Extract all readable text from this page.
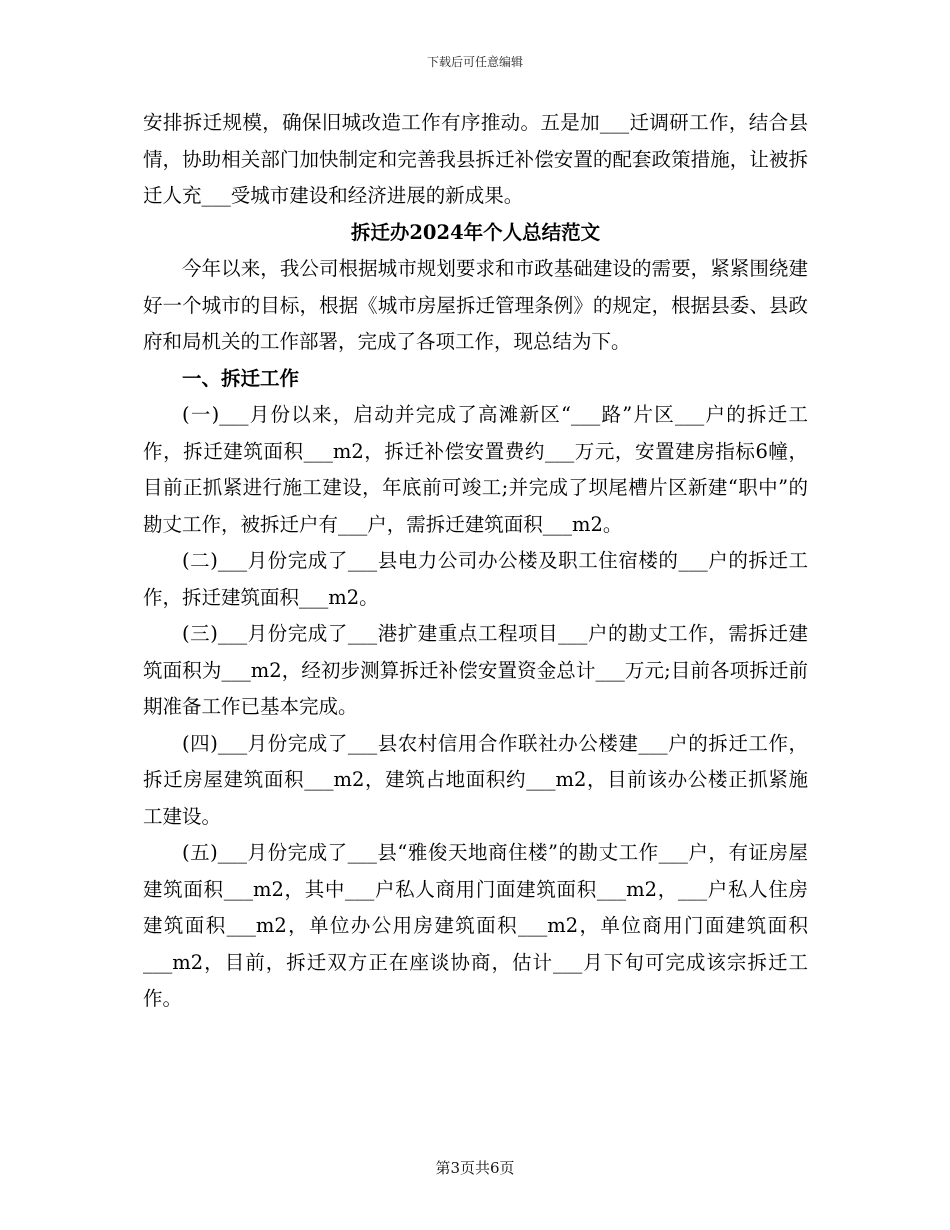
下载后可任意编辑

安排拆迁规模，确保旧城改造工作有序推动。五是加___迁调研工作，结合县情，协助相关部门加快制定和完善我县拆迁补偿安置的配套政策措施，让被拆迁人充___受城市建设和经济进展的新成果。

拆迁办2024年个人总结范文

今年以来，我公司根据城市规划要求和市政基础建设的需要，紧紧围绕建好一个城市的目标，根据《城市房屋拆迁管理条例》的规定，根据县委、县政府和局机关的工作部署，完成了各项工作，现总结为下。

一、拆迁工作

(一)___月份以来，启动并完成了高滩新区“___路”片区___户的拆迁工作，拆迁建筑面积___m2，拆迁补偿安置费约___万元，安置建房指标6幢，目前正抓紧进行施工建设，年底前可竣工;并完成了坝尾槽片区新建“职中”的勘丈工作，被拆迁户有___户，需拆迁建筑面积___m2。

(二)___月份完成了___县电力公司办公楼及职工住宿楼的___户的拆迁工作，拆迁建筑面积___m2。

(三)___月份完成了___港扩建重点工程项目___户的勘丈工作，需拆迁建筑面积为___m2，经初步测算拆迁补偿安置资金总计___万元;目前各项拆迁前期准备工作已基本完成。

(四)___月份完成了___县农村信用合作联社办公楼建___户的拆迁工作，拆迁房屋建筑面积___m2，建筑占地面积约___m2，目前该办公楼正抓紧施工建设。

(五)___月份完成了___县“雅俊天地商住楼”的勘丈工作___户，有证房屋建筑面积___m2，其中___户私人商用门面建筑面积___m2，___户私人住房建筑面积___m2，单位办公用房建筑面积___m2，单位商用门面建筑面积___m2，目前，拆迁双方正在座谈协商，估计___月下旬可完成该宗拆迁工作。

第3页共6页
